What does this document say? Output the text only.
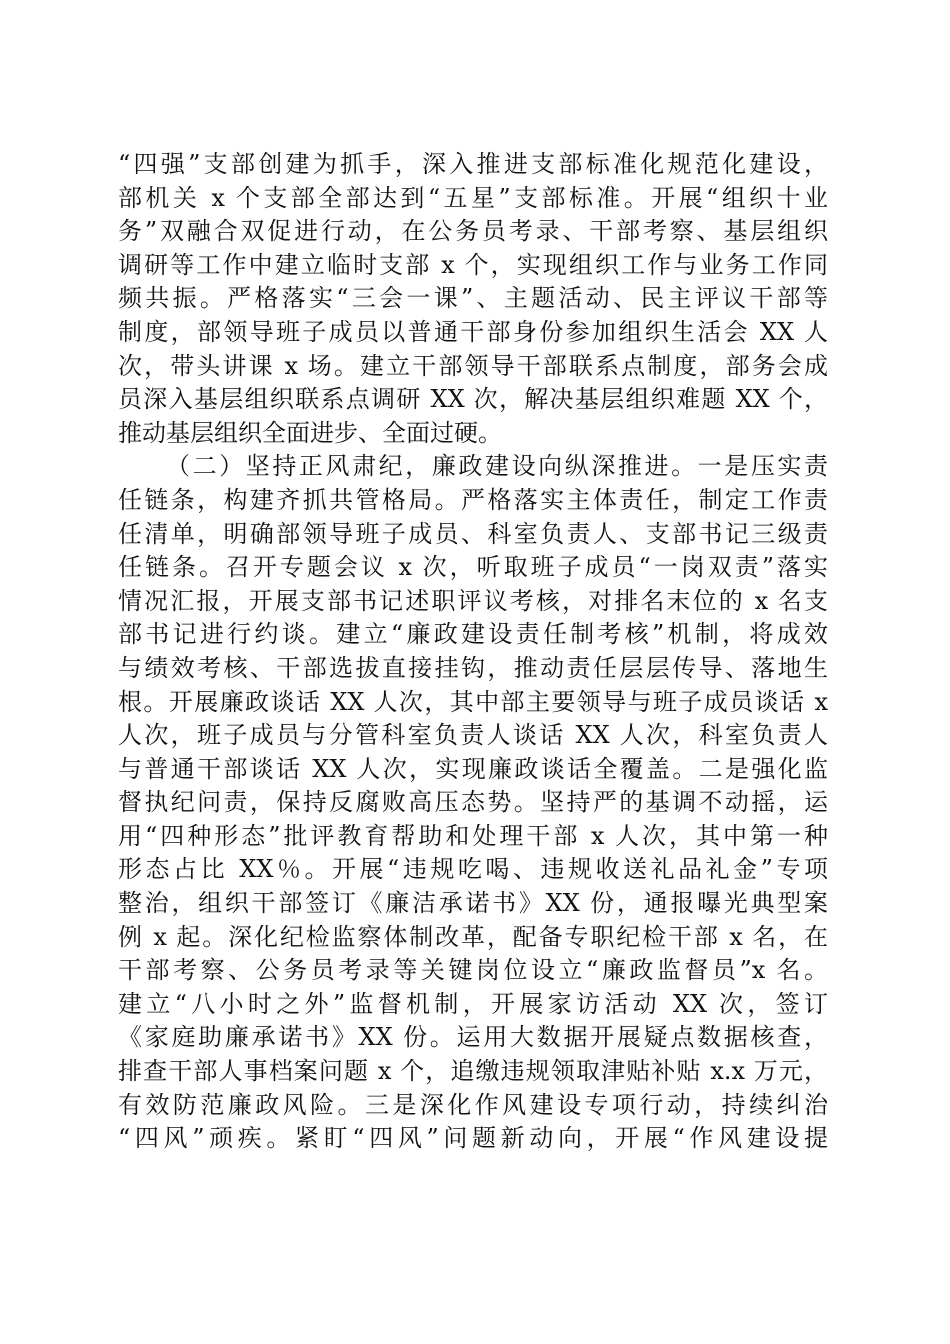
“四强”支部创建为抓手，深入推进支部标准化规范化建设，
部机关 x 个支部全部达到“五星”支部标准。开展“组织十业
务”双融合双促进行动，在公务员考录、干部考察、基层组织
调研等工作中建立临时支部 x 个，实现组织工作与业务工作同
频共振。严格落实“三会一课”、主题活动、民主评议干部等
制度，部领导班子成员以普通干部身份参加组织生活会 XX 人
次，带头讲课 x 场。建立干部领导干部联系点制度，部务会成
员深入基层组织联系点调研 XX 次，解决基层组织难题 XX 个，
推动基层组织全面进步、全面过硬。
（二）坚持正风肃纪，廉政建设向纵深推进。一是压实责
任链条，构建齐抓共管格局。严格落实主体责任，制定工作责
任清单，明确部领导班子成员、科室负责人、支部书记三级责
任链条。召开专题会议 x 次，听取班子成员“一岗双责”落实
情况汇报，开展支部书记述职评议考核，对排名末位的 x 名支
部书记进行约谈。建立“廉政建设责任制考核”机制，将成效
与绩效考核、干部选拔直接挂钩，推动责任层层传导、落地生
根。开展廉政谈话 XX 人次，其中部主要领导与班子成员谈话 x
人次，班子成员与分管科室负责人谈话 XX 人次，科室负责人
与普通干部谈话 XX 人次，实现廉政谈话全覆盖。二是强化监
督执纪问责，保持反腐败高压态势。坚持严的基调不动摇，运
用“四种形态”批评教育帮助和处理干部 x 人次，其中第一种
形态占比 XX％。开展“违规吃喝、违规收送礼品礼金”专项
整治，组织干部签订《廉洁承诺书》XX 份，通报曝光典型案
例 x 起。深化纪检监察体制改革，配备专职纪检干部 x 名，在
干部考察、公务员考录等关键岗位设立“廉政监督员”x 名。
建立“八小时之外”监督机制，开展家访活动 XX 次，签订
《家庭助廉承诺书》XX 份。运用大数据开展疑点数据核查，
排查干部人事档案问题 x 个，追缴违规领取津贴补贴 x.x 万元，
有效防范廉政风险。三是深化作风建设专项行动，持续纠治
“四风”顽疾。紧盯“四风”问题新动向，开展“作风建设提
